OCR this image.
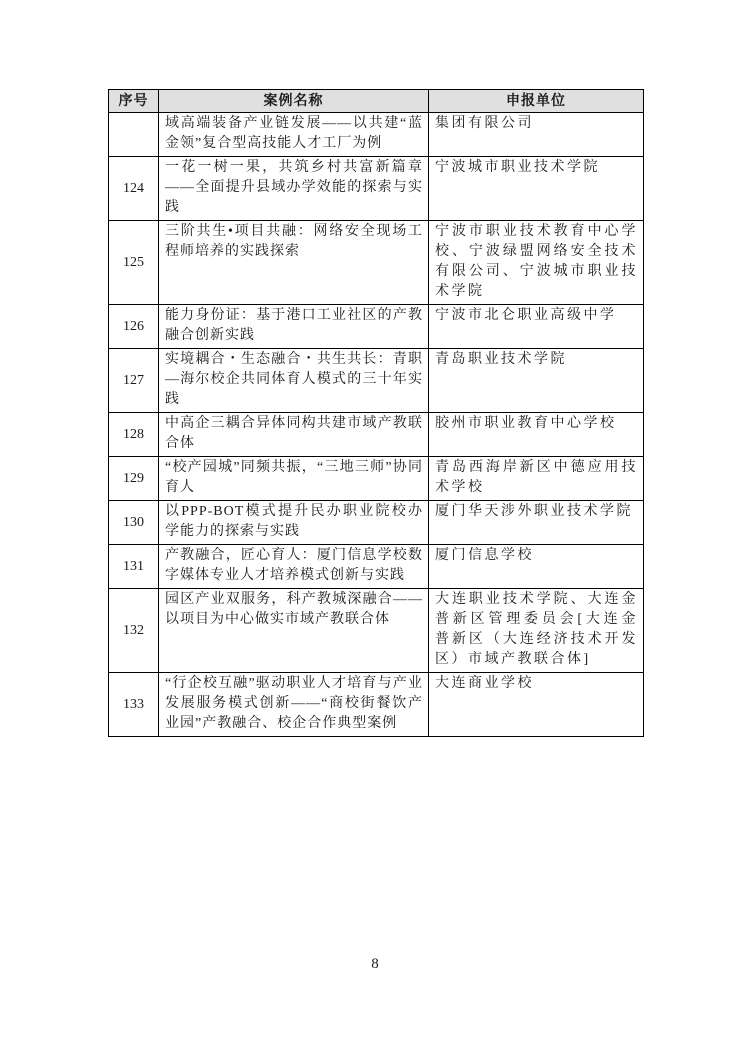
序号	案例名称	申报单位
	域高端装备产业链发展——以共建“蓝金领”复合型高技能人才工厂为例	集团有限公司
124	一花一树一果，共筑乡村共富新篇章——全面提升县域办学效能的探索与实践	宁波城市职业技术学院
125	三阶共生•项目共融：网络安全现场工程师培养的实践探索	宁波市职业技术教育中心学校、宁波绿盟网络安全技术有限公司、宁波城市职业技术学院
126	能力身份证：基于港口工业社区的产教融合创新实践	宁波市北仑职业高级中学
127	实境耦合・生态融合・共生共长：青职—海尔校企共同体育人模式的三十年实践	青岛职业技术学院
128	中高企三耦合异体同构共建市域产教联合体	胶州市职业教育中心学校
129	“校产园城”同频共振，“三地三师”协同育人	青岛西海岸新区中德应用技术学校
130	以PPP-BOT模式提升民办职业院校办学能力的探索与实践	厦门华天涉外职业技术学院
131	产教融合，匠心育人：厦门信息学校数字媒体专业人才培养模式创新与实践	厦门信息学校
132	园区产业双服务，科产教城深融合——以项目为中心做实市域产教联合体	大连职业技术学院、大连金普新区管理委员会[大连金普新区（大连经济技术开发区）市域产教联合体]
133	“行企校互融”驱动职业人才培育与产业发展服务模式创新——“商校街餐饮产业园”产教融合、校企合作典型案例	大连商业学校
8
